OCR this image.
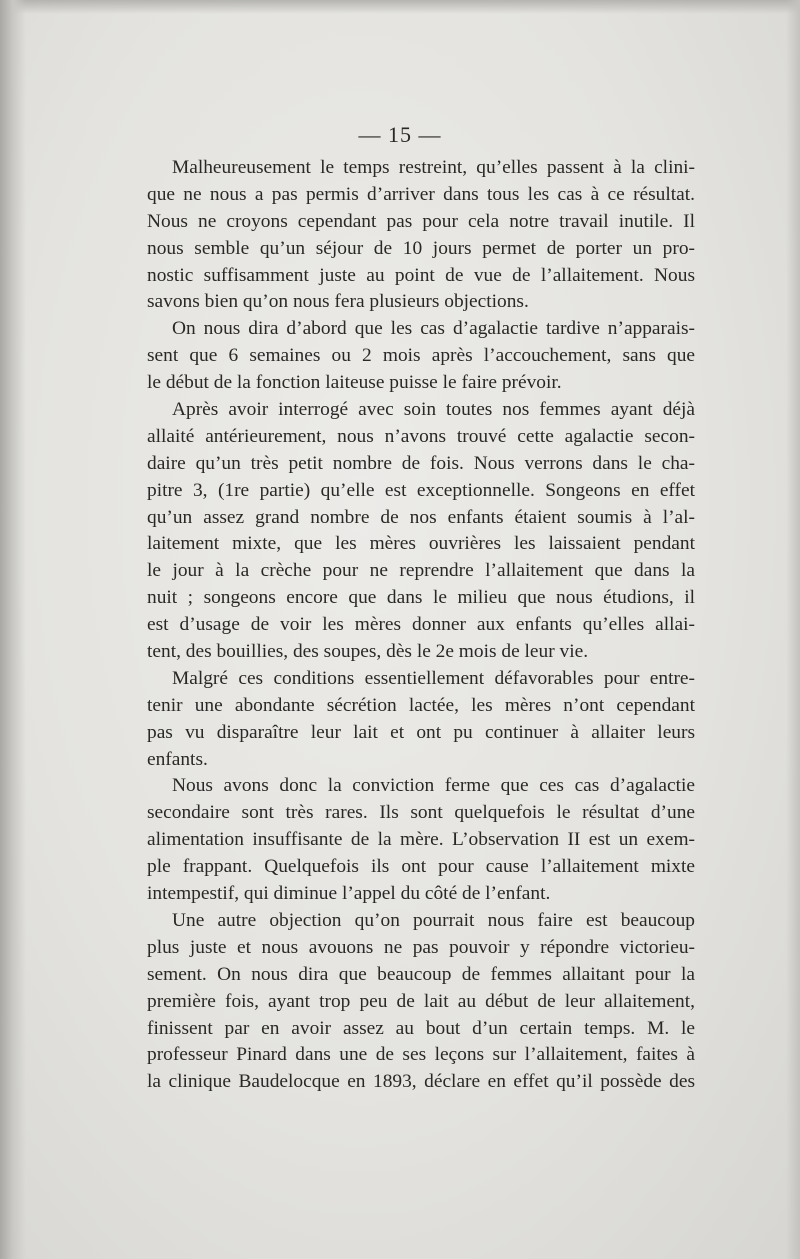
— 15 —
Malheureusement le temps restreint, qu’elles passent à la clini-
que ne nous a pas permis d’arriver dans tous les cas à ce résultat.
Nous ne croyons cependant pas pour cela notre travail inutile. Il
nous semble qu’un séjour de 10 jours permet de porter un pro-
nostic suffisamment juste au point de vue de l’allaitement. Nous
savons bien qu’on nous fera plusieurs objections.
On nous dira d’abord que les cas d’agalactie tardive n’apparais-
sent que 6 semaines ou 2 mois après l’accouchement, sans que
le début de la fonction laiteuse puisse le faire prévoir.
Après avoir interrogé avec soin toutes nos femmes ayant déjà
allaité antérieurement, nous n’avons trouvé cette agalactie secon-
daire qu’un très petit nombre de fois. Nous verrons dans le cha-
pitre 3, (1re partie) qu’elle est exceptionnelle. Songeons en effet
qu’un assez grand nombre de nos enfants étaient soumis à l’al-
laitement mixte, que les mères ouvrières les laissaient pendant
le jour à la crèche pour ne reprendre l’allaitement que dans la
nuit ; songeons encore que dans le milieu que nous étudions, il
est d’usage de voir les mères donner aux enfants qu’elles allai-
tent, des bouillies, des soupes, dès le 2e mois de leur vie.
Malgré ces conditions essentiellement défavorables pour entre-
tenir une abondante sécrétion lactée, les mères n’ont cependant
pas vu disparaître leur lait et ont pu continuer à allaiter leurs
enfants.
Nous avons donc la conviction ferme que ces cas d’agalactie
secondaire sont très rares. Ils sont quelquefois le résultat d’une
alimentation insuffisante de la mère. L’observation II est un exem-
ple frappant. Quelquefois ils ont pour cause l’allaitement mixte
intempestif, qui diminue l’appel du côté de l’enfant.
Une autre objection qu’on pourrait nous faire est beaucoup
plus juste et nous avouons ne pas pouvoir y répondre victorieu-
sement. On nous dira que beaucoup de femmes allaitant pour la
première fois, ayant trop peu de lait au début de leur allaitement,
finissent par en avoir assez au bout d’un certain temps. M. le
professeur Pinard dans une de ses leçons sur l’allaitement, faites à
la clinique Baudelocque en 1893, déclare en effet qu’il possède des
